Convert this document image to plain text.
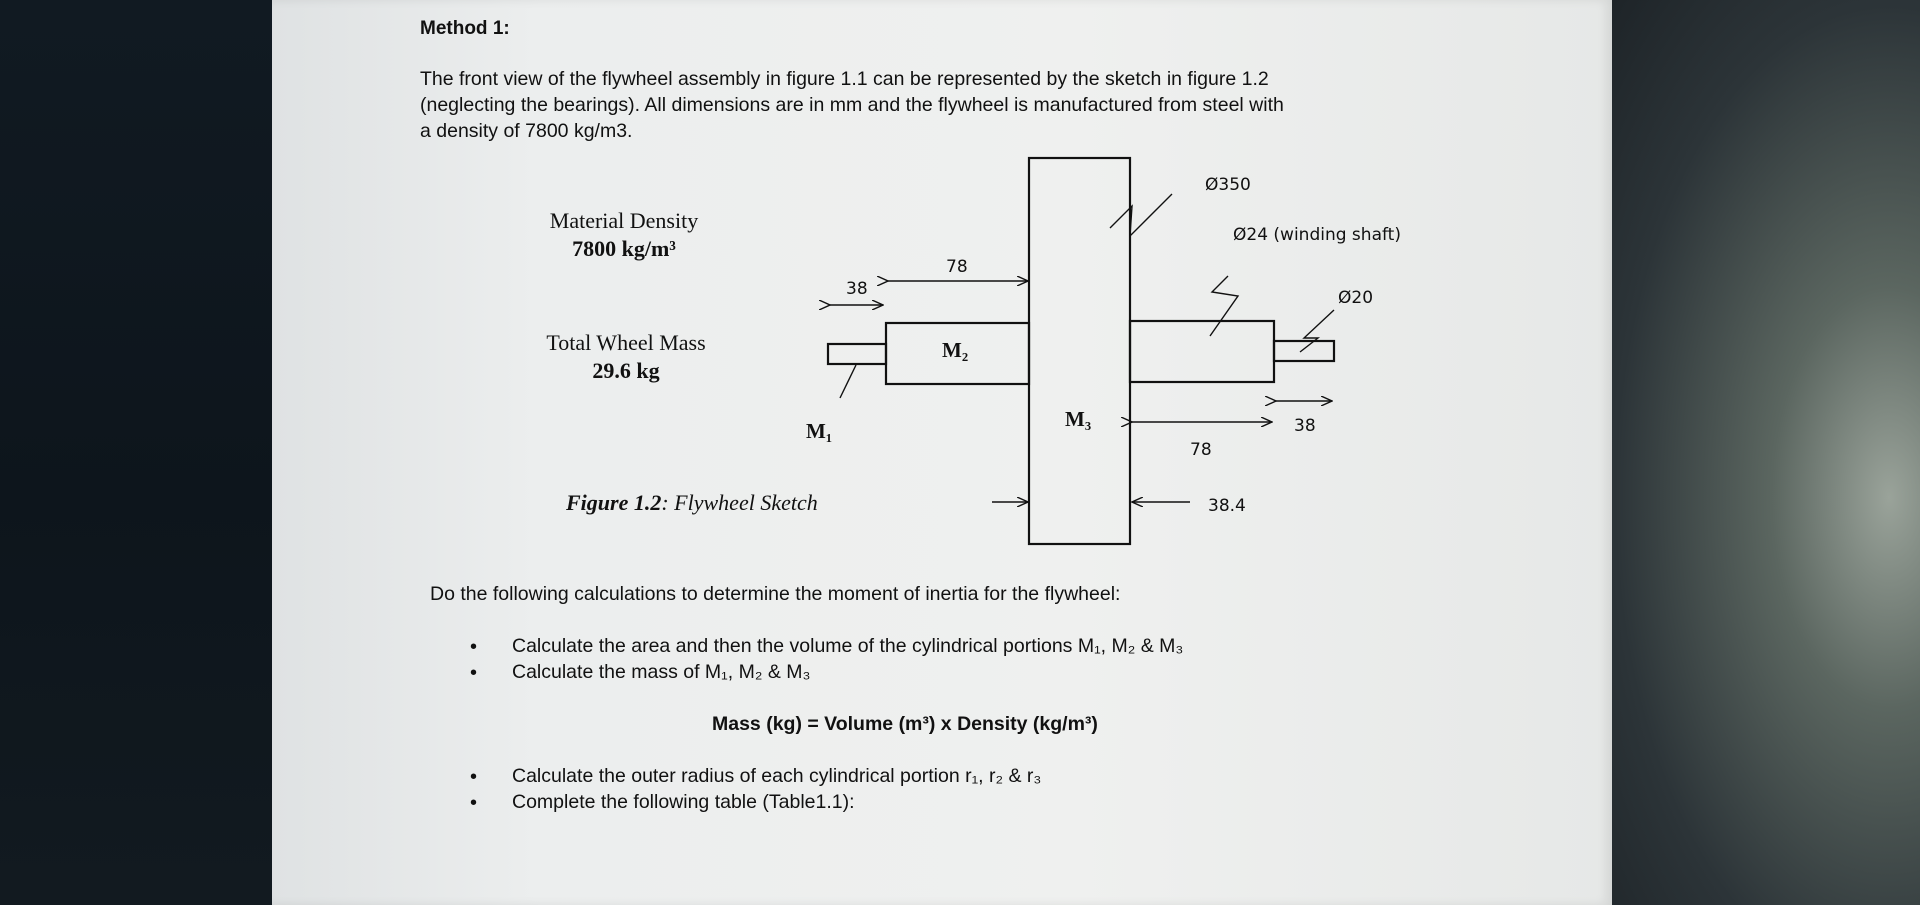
Method 1:
The front view of the flywheel assembly in figure 1.1 can be represented by the sketch in figure 1.2
(neglecting the bearings). All dimensions are in mm and the flywheel is manufactured from steel with
a density of 7800 kg/m3.
Material Density
7800 kg/m³
Total Wheel Mass
29.6 kg
Figure 1.2: Flywheel Sketch
Ø350
Ø24 (winding shaft)
Ø20
38
78
38
78
38.4
M₂
M₃
M₁
Do the following calculations to determine the moment of inertia for the flywheel:
• Calculate the area and then the volume of the cylindrical portions M₁, M₂ & M₃
• Calculate the mass of M₁, M₂ & M₃
Mass (kg) = Volume (m³) x Density (kg/m³)
• Calculate the outer radius of each cylindrical portion r₁, r₂ & r₃
• Complete the following table (Table1.1):
